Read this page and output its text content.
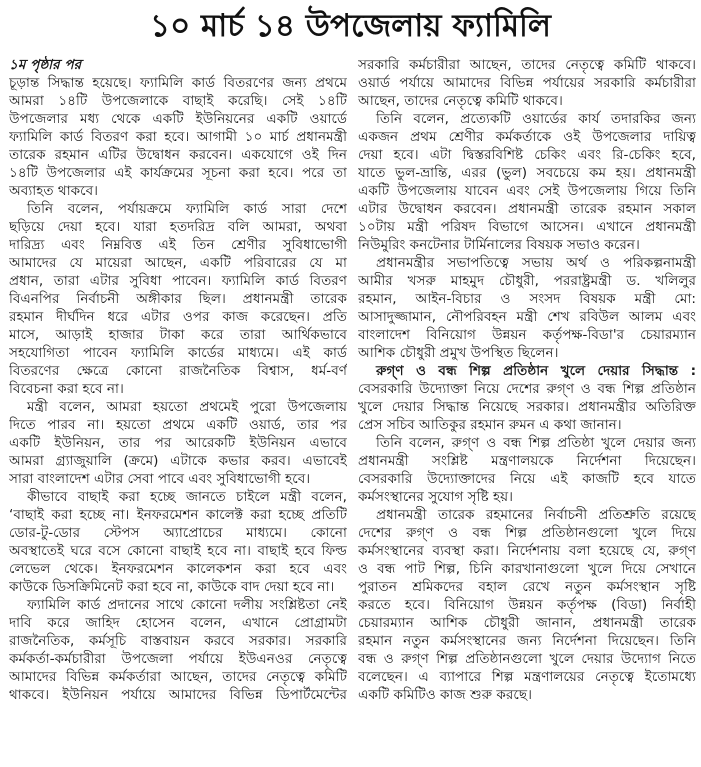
১০ মার্চ ১৪ উপজেলায় ফ্যামিলি
১ম পৃষ্ঠার পর
চূড়ান্ত সিদ্ধান্ত হয়েছে। ফ্যামিলি কার্ড বিতরণের জন্য প্রথমে
আমরা ১৪টি উপজেলাকে বাছাই করেছি। সেই ১৪টি
উপজেলার মধ্য থেকে একটি ইউনিয়নের একটি ওয়ার্ডে
ফ্যামিলি কার্ড বিতরণ করা হবে। আগামী ১০ মার্চ প্রধানমন্ত্রী
তারেক রহমান এটির উদ্বোধন করবেন। একযোগে ওই দিন
১৪টি উপজেলার এই কার্যক্রমের সূচনা করা হবে। পরে তা
অব্যাহত থাকবে।
তিনি বলেন, পর্যায়ক্রমে ফ্যামিলি কার্ড সারা দেশে
ছড়িয়ে দেয়া হবে। যারা হতদরিদ্র বলি আমরা, অথবা
দারিদ্র্য এবং নিম্নবিত্ত এই তিন শ্রেণীর সুবিধাভোগী
আমাদের যে মায়েরা আছেন, একটি পরিবারের যে মা
প্রধান, তারা এটার সুবিধা পাবেন। ফ্যামিলি কার্ড বিতরণ
বিএনপির নির্বাচনী অঙ্গীকার ছিল। প্রধানমন্ত্রী তারেক
রহমান দীর্ঘদিন ধরে এটার ওপর কাজ করেছেন। প্রতি
মাসে, আড়াই হাজার টাকা করে তারা আর্থিকভাবে
সহযোগিতা পাবেন ফ্যামিলি কার্ডের মাধ্যমে। এই কার্ড
বিতরণের ক্ষেত্রে কোনো রাজনৈতিক বিশ্বাস, ধর্ম-বর্ণ
বিবেচনা করা হবে না।
মন্ত্রী বলেন, আমরা হয়তো প্রথমেই পুরো উপজেলায়
দিতে পারব না। হয়তো প্রথমে একটি ওয়ার্ড, তার পর
একটি ইউনিয়ন, তার পর আরেকটি ইউনিয়ন এভাবে
আমরা গ্র্যাজুয়ালি (ক্রমে) এটাকে কভার করব। এভাবেই
সারা বাংলাদেশ এটার সেবা পাবে এবং সুবিধাভোগী হবে।
কীভাবে বাছাই করা হচ্ছে জানতে চাইলে মন্ত্রী বলেন,
‘বাছাই করা হচ্ছে না। ইনফরমেশন কালেক্ট করা হচ্ছে প্রতিটি
ডোর-টু-ডোর স্টেপস অ্যাপ্রোচের মাধ্যমে। কোনো
অবস্থাতেই ঘরে বসে কোনো বাছাই হবে না। বাছাই হবে ফিল্ড
লেভেল থেকে। ইনফরমেশন কালেকশন করা হবে এবং
কাউকে ডিসক্রিমিনেট করা হবে না, কাউকে বাদ দেয়া হবে না।
ফ্যামিলি কার্ড প্রদানের সাথে কোনো দলীয় সংশ্লিষ্টতা নেই
দাবি করে জাহিদ হোসেন বলেন, এখানে প্রোগ্রামটা
রাজনৈতিক, কর্মসূচি বাস্তবায়ন করবে সরকার। সরকারি
কর্মকর্তা-কর্মচারীরা উপজেলা পর্যায়ে ইউএনওর নেতৃত্বে
আমাদের বিভিন্ন কর্মকর্তারা আছেন, তাদের নেতৃত্বে কমিটি
থাকবে। ইউনিয়ন পর্যায়ে আমাদের বিভিন্ন ডিপার্টমেন্টের
সরকারি কর্মচারীরা আছেন, তাদের নেতৃত্বে কমিটি থাকবে।
ওয়ার্ড পর্যায়ে আমাদের বিভিন্ন পর্যায়ের সরকারি কর্মচারীরা
আছেন, তাদের নেতৃত্বে কমিটি থাকবে।
তিনি বলেন, প্রত্যেকটি ওয়ার্ডের কার্য তদারকির জন্য
একজন প্রথম শ্রেণীর কর্মকর্তাকে ওই উপজেলার দায়িত্ব
দেয়া হবে। এটা দ্বিস্তরবিশিষ্ট চেকিং এবং রি-চেকিং হবে,
যাতে ভুল-ভ্রান্তি, এরর (ভুল) সবচেয়ে কম হয়। প্রধানমন্ত্রী
একটি উপজেলায় যাবেন এবং সেই উপজেলায় গিয়ে তিনি
এটার উদ্বোধন করবেন। প্রধানমন্ত্রী তারেক রহমান সকাল
১০টায় মন্ত্রী পরিষদ বিভাগে আসেন। এখানে প্রধানমন্ত্রী
নিউমুরিং কনটেনার টার্মিনালের বিষয়ক সভাও করেন।
প্রধানমন্ত্রীর সভাপতিত্বে সভায় অর্থ ও পরিকল্পনামন্ত্রী
আমীর খসরু মাহমুদ চৌধুরী, পররাষ্ট্রমন্ত্রী ড. খলিলুর
রহমান, আইন-বিচার ও সংসদ বিষয়ক মন্ত্রী মো:
আসাদুজ্জামান, নৌপরিবহন মন্ত্রী শেখ রবিউল আলম এবং
বাংলাদেশ বিনিয়োগ উন্নয়ন কর্তৃপক্ষ-বিডা'র চেয়ারম্যান
আশিক চৌধুরী প্রমুখ উপস্থিত ছিলেন।
রুগ্ণ ও বন্ধ শিল্প প্রতিষ্ঠান খুলে দেয়ার সিদ্ধান্ত :
বেসরকারি উদ্যোক্তা নিয়ে দেশের রুগ্ণ ও বন্ধ শিল্প প্রতিষ্ঠান
খুলে দেয়ার সিদ্ধান্ত নিয়েছে সরকার। প্রধানমন্ত্রীর অতিরিক্ত
প্রেস সচিব আতিকুর রহমান রুমন এ কথা জানান।
তিনি বলেন, রুগ্ণ ও বন্ধ শিল্প প্রতিষ্ঠা খুলে দেয়ার জন্য
প্রধানমন্ত্রী সংশ্লিষ্ট মন্ত্রণালয়কে নির্দেশনা দিয়েছেন।
বেসরকারি উদ্যোক্তাদের নিয়ে এই কাজটি হবে যাতে
কর্মসংস্থানের সুযোগ সৃষ্টি হয়।
প্রধানমন্ত্রী তারেক রহমানের নির্বাচনী প্রতিশ্রুতি রয়েছে
দেশের রুগ্ণ ও বন্ধ শিল্প প্রতিষ্ঠানগুলো খুলে দিয়ে
কর্মসংস্থানের ব্যবস্থা করা। নির্দেশনায় বলা হয়েছে যে, রুগ্ণ
ও বন্ধ পাট শিল্প, চিনি কারখানাগুলো খুলে দিয়ে সেখানে
পুরাতন শ্রমিকদের বহাল রেখে নতুন কর্মসংস্থান সৃষ্টি
করতে হবে। বিনিয়োগ উন্নয়ন কর্তৃপক্ষ (বিডা) নির্বাহী
চেয়ারম্যান আশিক চৌধুরী জানান, প্রধানমন্ত্রী তারেক
রহমান নতুন কর্মসংস্থানের জন্য নির্দেশনা দিয়েছেন। তিনি
বন্ধ ও রুগ্ণ শিল্প প্রতিষ্ঠানগুলো খুলে দেয়ার উদ্যোগ নিতে
বলেছেন। এ ব্যাপারে শিল্প মন্ত্রণালয়ের নেতৃত্বে ইতোমধ্যে
একটি কমিটিও কাজ শুরু করছে।
